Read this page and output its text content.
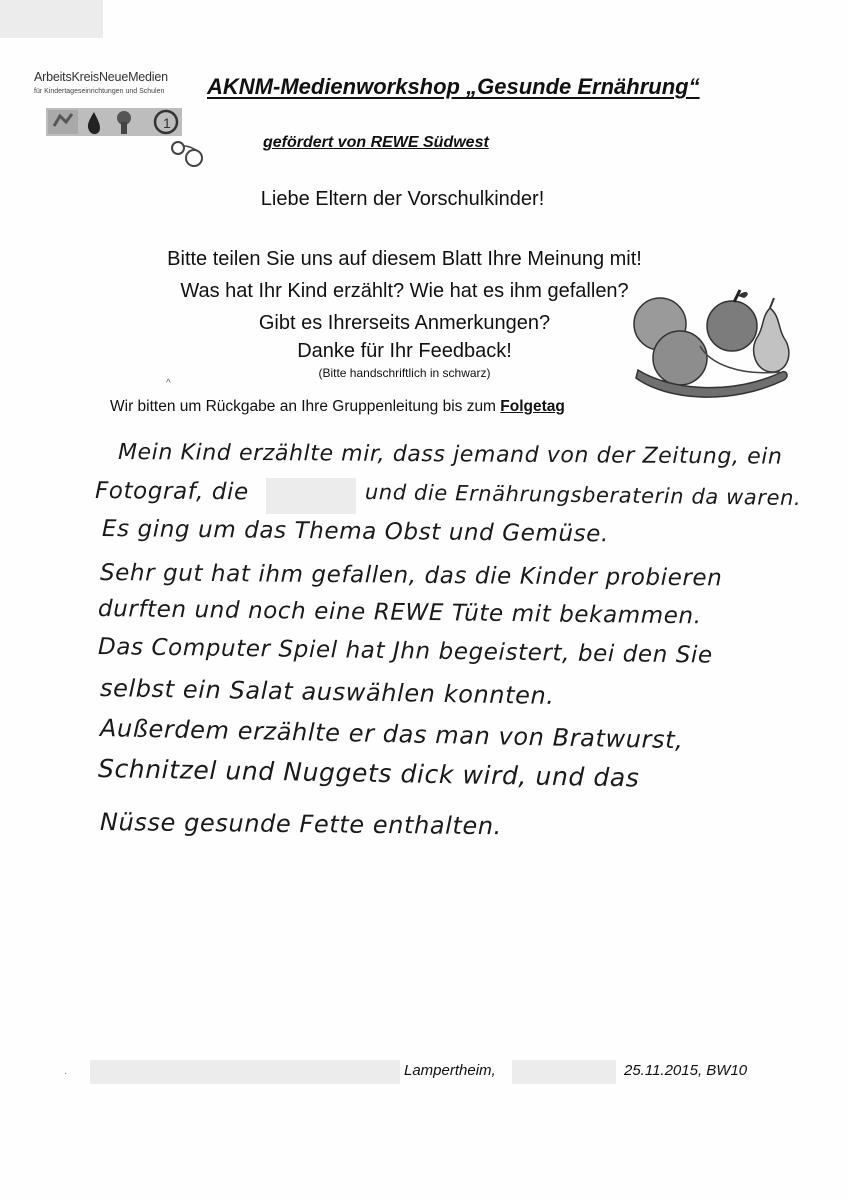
ArbeitsKreisNeueMedien
für Kindertageseinrichtungen und Schulen
1
AKNM-Medienworkshop „Gesunde Ernährung“
gefördert von REWE Südwest
Liebe Eltern der Vorschulkinder!
Bitte teilen Sie uns auf diesem Blatt Ihre Meinung mit!
Was hat Ihr Kind erzählt? Wie hat es ihm gefallen?
Gibt es Ihrerseits Anmerkungen?
Danke für Ihr Feedback!
(Bitte handschriftlich in schwarz)
Wir bitten um Rückgabe an Ihre Gruppenleitung bis zum Folgetag
^
Mein Kind erzählte mir, dass jemand von der Zeitung, ein
Fotograf, die	und die Ernährungsberaterin da waren.
Es ging um das Thema Obst und Gemüse.
Sehr gut hat ihm gefallen, das die Kinder probieren
durften und noch eine REWE Tüte mit bekammen.
Das Computer Spiel hat Jhn begeistert, bei den Sie
selbst ein Salat auswählen konnten.
Außerdem erzählte er das man von Bratwurst,
Schnitzel und Nuggets dick wird, und das
Nüsse gesunde Fette enthalten.
·	Lampertheim,	25.11.2015, BW10
